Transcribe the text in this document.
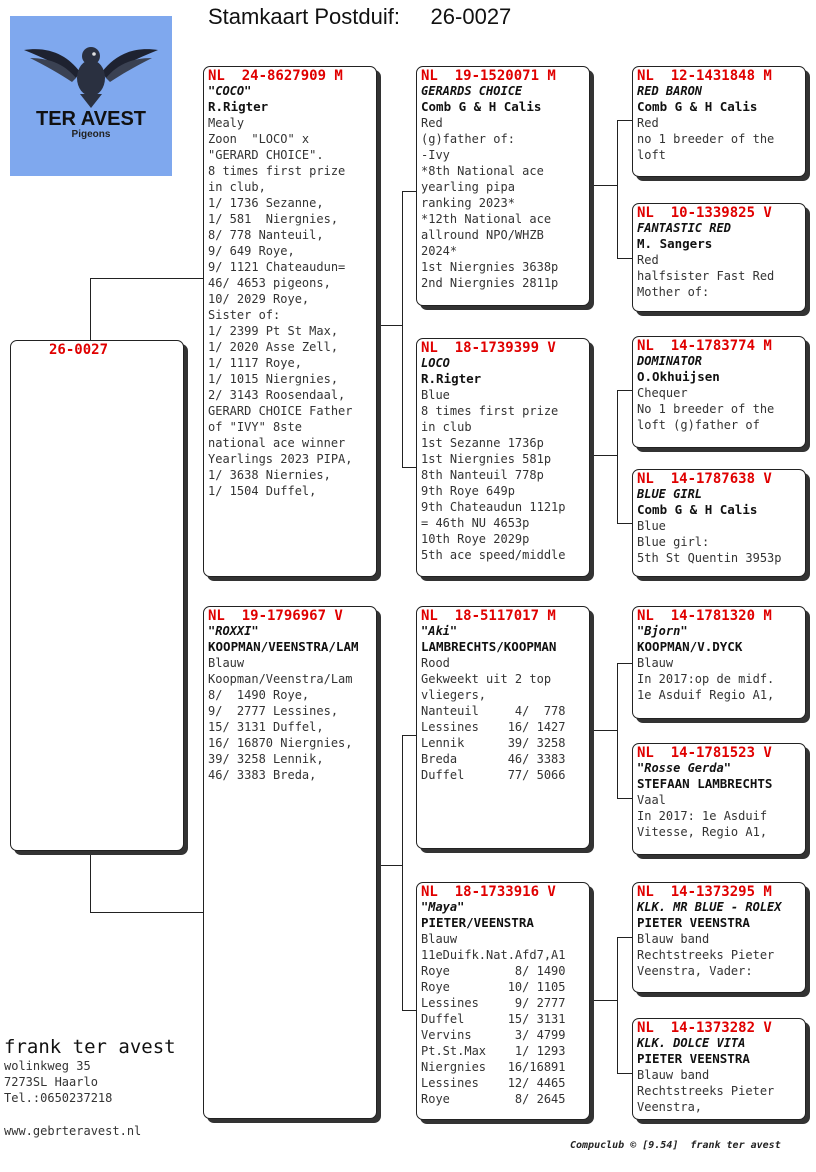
Stamkaart Postduif: 26-0027
TER AVEST
Pigeons
26-0027
NL  24-8627909 M
"COCO"
R.Rigter
Mealy
Zoon  "LOCO" x
"GERARD CHOICE".
8 times first prize
in club,
1/ 1736 Sezanne,
1/ 581  Niergnies,
8/ 778 Nanteuil,
9/ 649 Roye,
9/ 1121 Chateaudun=
46/ 4653 pigeons,
10/ 2029 Roye,
Sister of:
1/ 2399 Pt St Max,
1/ 2020 Asse Zell,
1/ 1117 Roye,
1/ 1015 Niergnies,
2/ 3143 Roosendaal,
GERARD CHOICE Father
of "IVY" 8ste
national ace winner
Yearlings 2023 PIPA,
1/ 3638 Niernies,
1/ 1504 Duffel,
NL  19-1796967 V
"ROXXI"
KOOPMAN/VEENSTRA/LAM
Blauw
Koopman/Veenstra/Lam
8/  1490 Roye,
9/  2777 Lessines,
15/ 3131 Duffel,
16/ 16870 Niergnies,
39/ 3258 Lennik,
46/ 3383 Breda,
NL  19-1520071 M
GERARDS CHOICE
Comb G & H Calis
Red
(g)father of:
-Ivy
*8th National ace
yearling pipa
ranking 2023*
*12th National ace
allround NPO/WHZB
2024*
1st Niergnies 3638p
2nd Niergnies 2811p
NL  18-1739399 V
LOCO
R.Rigter
Blue
8 times first prize
in club
1st Sezanne 1736p
1st Niergnies 581p
8th Nanteuil 778p
9th Roye 649p
9th Chateaudun 1121p
= 46th NU 4653p
10th Roye 2029p
5th ace speed/middle
NL  18-5117017 M
"Aki"
LAMBRECHTS/KOOPMAN
Rood
Gekweekt uit 2 top
vliegers,
Nanteuil     4/  778
Lessines    16/ 1427
Lennik      39/ 3258
Breda       46/ 3383
Duffel      77/ 5066
NL  18-1733916 V
"Maya"
PIETER/VEENSTRA
Blauw
11eDuifk.Nat.Afd7,A1
Roye         8/ 1490
Roye        10/ 1105
Lessines     9/ 2777
Duffel      15/ 3131
Vervins      3/ 4799
Pt.St.Max    1/ 1293
Niergnies   16/16891
Lessines    12/ 4465
Roye         8/ 2645
NL  12-1431848 M
RED BARON
Comb G & H Calis
Red
no 1 breeder of the
loft
NL  10-1339825 V
FANTASTIC RED
M. Sangers
Red
halfsister Fast Red
Mother of:
NL  14-1783774 M
DOMINATOR
O.Okhuijsen
Chequer
No 1 breeder of the
loft (g)father of
NL  14-1787638 V
BLUE GIRL
Comb G & H Calis
Blue
Blue girl:
5th St Quentin 3953p
NL  14-1781320 M
"Bjorn"
KOOPMAN/V.DYCK
Blauw
In 2017:op de midf.
1e Asduif Regio A1,
NL  14-1781523 V
"Rosse Gerda"
STEFAAN LAMBRECHTS
Vaal
In 2017: 1e Asduif
Vitesse, Regio A1,
NL  14-1373295 M
KLK. MR BLUE - ROLEX
PIETER VEENSTRA
Blauw band
Rechtstreeks Pieter
Veenstra, Vader:
NL  14-1373282 V
KLK. DOLCE VITA
PIETER VEENSTRA
Blauw band
Rechtstreeks Pieter
Veenstra,
frank ter avest
wolinkweg 35
7273SL Haarlo
Tel.:0650237218
www.gebrteravest.nl
Compuclub © [9.54]  frank ter avest
